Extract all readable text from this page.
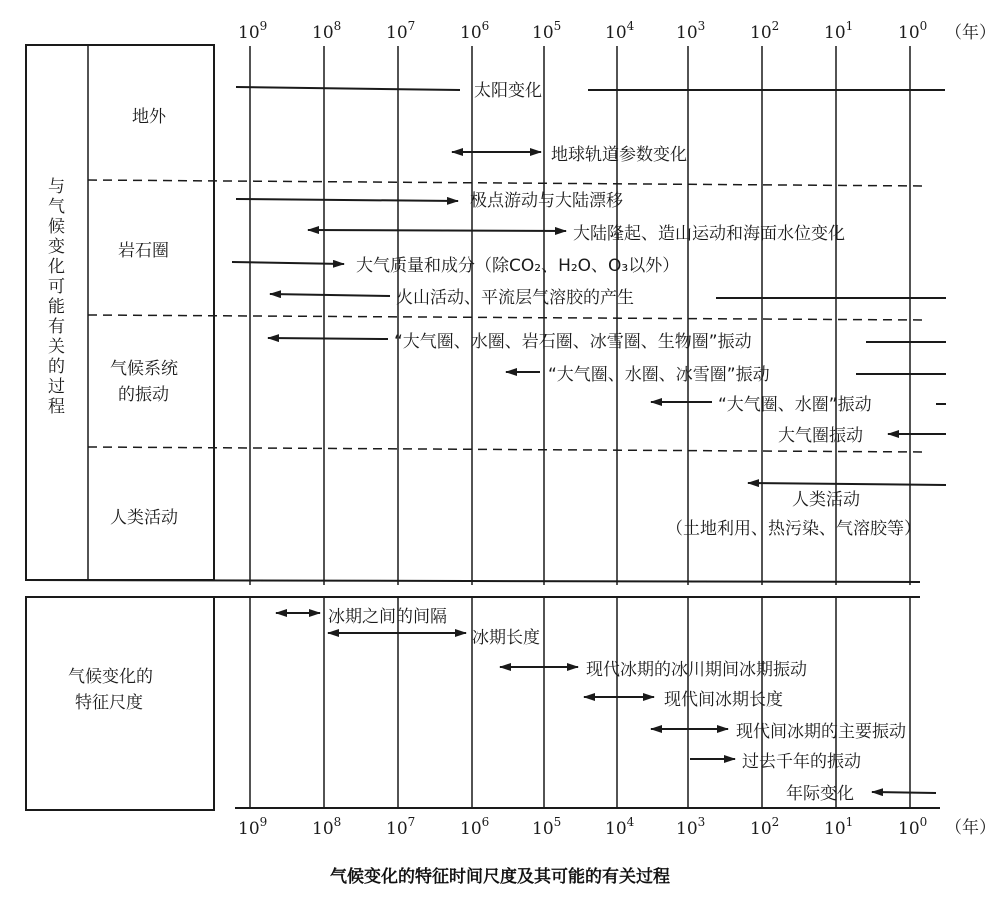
$10^9$	$10^8$	$10^7$	$10^6$	$10^5$	$10^4$ $10^3$	$10^2$	$10^1$	$10^0$
$10^9$	$10^8$	$10^7$	$10^6$	$10^5$	$10^4$ $10^3$	$10^2$	$10^1$	$10^0$
（年）
（年）
与
气
候
变
化
可
能
有
关
的
过
程
地外
岩石圈
气候系统
的振动
人类活动
气候变化的
特征尺度
太阳变化
地球轨道参数变化
极点游动与大陆漂移
大陆隆起、造山运动和海面水位变化
大气质量和成分（除CO₂、H₂O、O₃以外）
火山活动、平流层气溶胶的产生
“大气圈、水圈、岩石圈、冰雪圈、生物圈”振动
“大气圈、水圈、冰雪圈”振动
“大气圈、水圈”振动
大气圈振动
人类活动
（土地利用、热污染、气溶胶等）
冰期之间的间隔
冰期长度
现代冰期的冰川期间冰期振动
现代间冰期长度
现代间冰期的主要振动
过去千年的振动
年际变化
气候变化的特征时间尺度及其可能的有关过程
